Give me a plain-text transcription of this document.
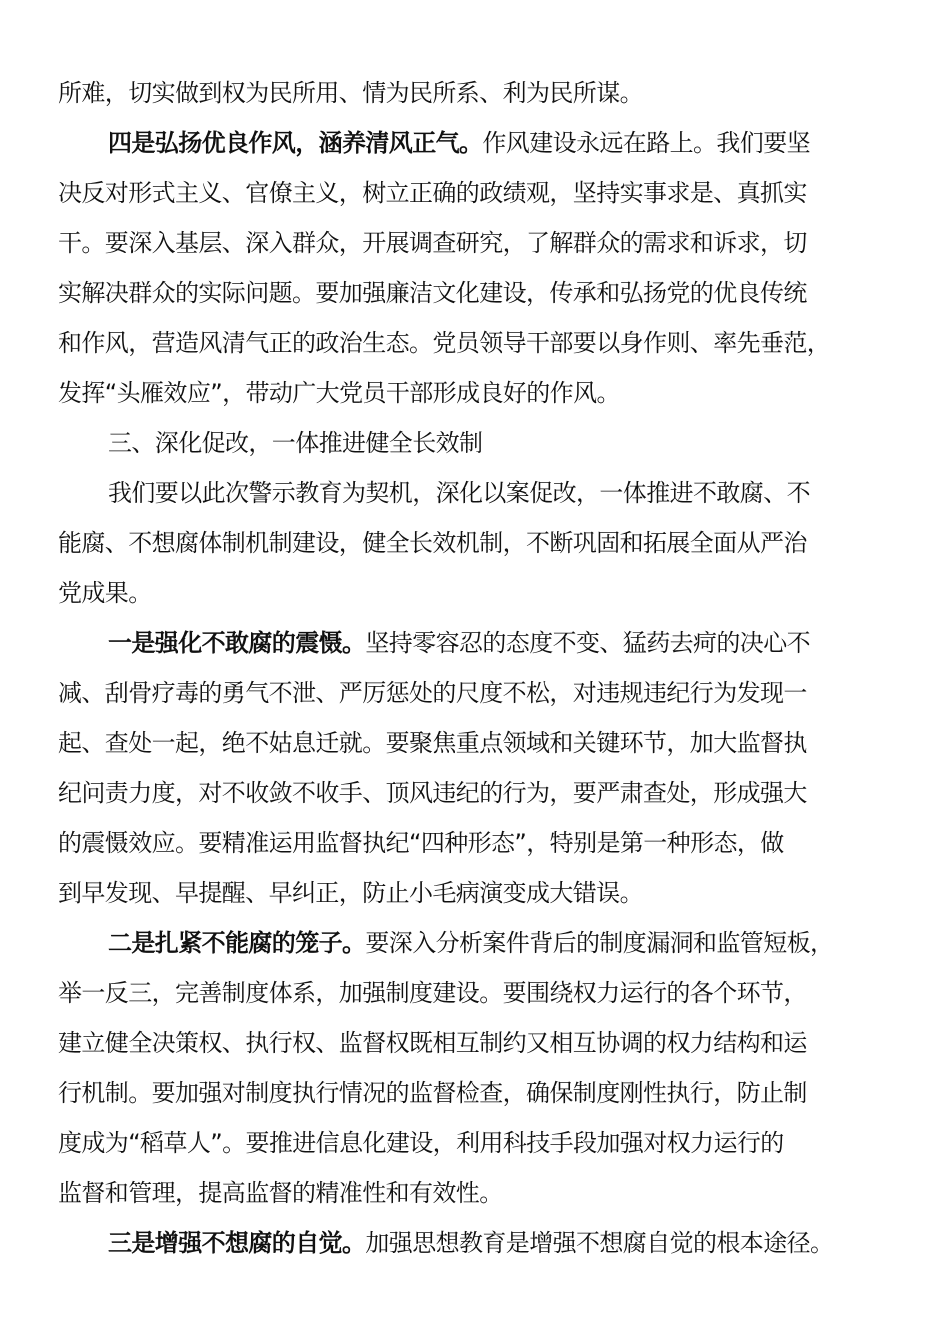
所难，切实做到权为民所用、情为民所系、利为民所谋。
四是弘扬优良作风，涵养清风正气。作风建设永远在路上。我们要坚
决反对形式主义、官僚主义，树立正确的政绩观，坚持实事求是、真抓实
干。要深入基层、深入群众，开展调查研究，了解群众的需求和诉求，切
实解决群众的实际问题。要加强廉洁文化建设，传承和弘扬党的优良传统
和作风，营造风清气正的政治生态。党员领导干部要以身作则、率先垂范，
发挥“头雁效应”，带动广大党员干部形成良好的作风。
三、深化促改，一体推进健全长效制
我们要以此次警示教育为契机，深化以案促改，一体推进不敢腐、不
能腐、不想腐体制机制建设，健全长效机制，不断巩固和拓展全面从严治
党成果。
一是强化不敢腐的震慑。坚持零容忍的态度不变、猛药去疴的决心不
减、刮骨疗毒的勇气不泄、严厉惩处的尺度不松，对违规违纪行为发现一
起、查处一起，绝不姑息迁就。要聚焦重点领域和关键环节，加大监督执
纪问责力度，对不收敛不收手、顶风违纪的行为，要严肃查处，形成强大
的震慑效应。要精准运用监督执纪“四种形态”，特别是第一种形态，做
到早发现、早提醒、早纠正，防止小毛病演变成大错误。
二是扎紧不能腐的笼子。要深入分析案件背后的制度漏洞和监管短板，
举一反三，完善制度体系，加强制度建设。要围绕权力运行的各个环节，
建立健全决策权、执行权、监督权既相互制约又相互协调的权力结构和运
行机制。要加强对制度执行情况的监督检查，确保制度刚性执行，防止制
度成为“稻草人”。要推进信息化建设，利用科技手段加强对权力运行的
监督和管理，提高监督的精准性和有效性。
三是增强不想腐的自觉。加强思想教育是增强不想腐自觉的根本途径。
